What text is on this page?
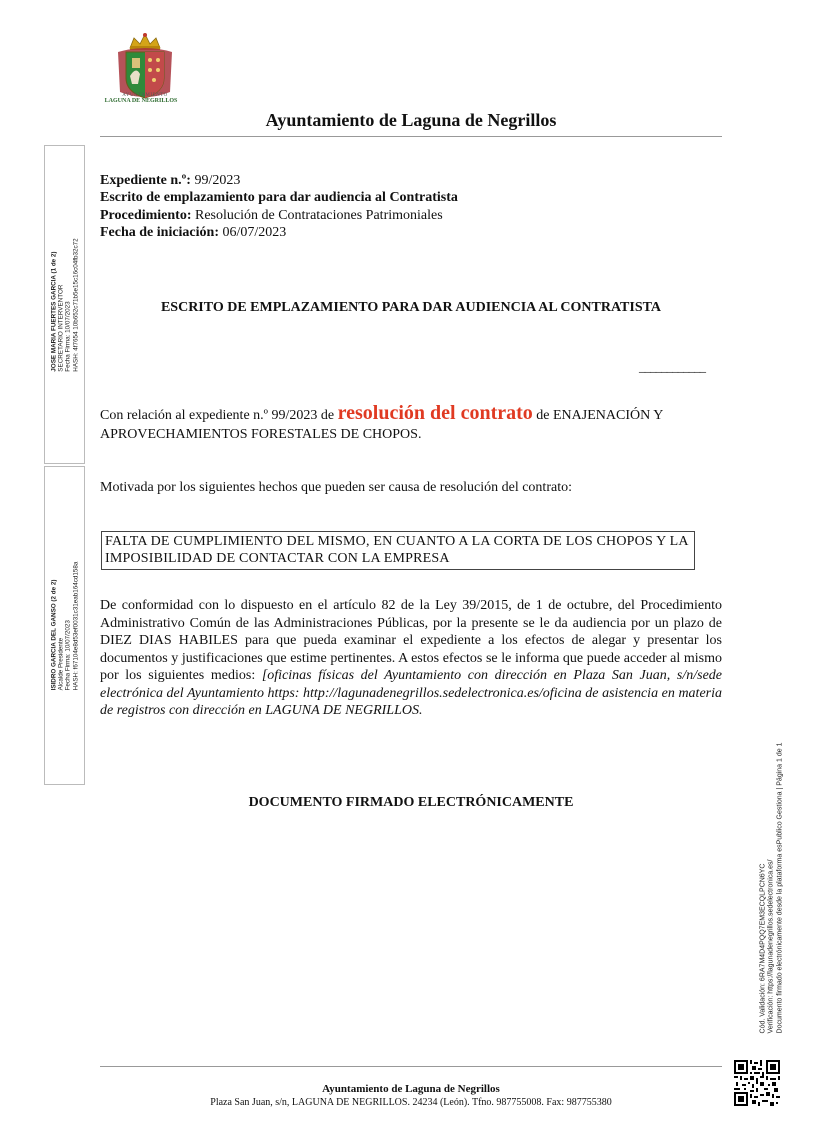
AYUNTAMIENTO
LAGUNA DE NEGRILLOS
Ayuntamiento de Laguna de Negrillos
JOSE MARIA FUERTES GARCIA (1 de 2) SECRETARIO INTERVENTOR Fecha Firma: 10/07/2023 HASH: 4f7654 10b652c71b5e15c16c04fb32c72
ISIDRO GARCIA DEL GANSO (2 de 2) Alcalde Presidente Fecha Firma: 10/07/2023 HASH: f67104e8d53ef0031c31eab164cd158a
Expediente n.º: 99/2023
Escrito de emplazamiento para dar audiencia al Contratista
Procedimiento: Resolución de Contrataciones Patrimoniales
Fecha de iniciación: 06/07/2023
ESCRITO DE EMPLAZAMIENTO PARA DAR AUDIENCIA AL CONTRATISTA
____________
Con relación al expediente n.º 99/2023 de resolución del contrato de ENAJENACIÓN Y APROVECHAMIENTOS FORESTALES DE CHOPOS.
Motivada por los siguientes hechos que pueden ser causa de resolución del contrato:
FALTA DE CUMPLIMIENTO DEL MISMO, EN CUANTO A LA CORTA DE LOS CHOPOS Y LA IMPOSIBILIDAD DE CONTACTAR CON LA EMPRESA
De conformidad con lo dispuesto en el artículo 82 de la Ley 39/2015, de 1 de octubre, del Procedimiento Administrativo Común de las Administraciones Públicas, por la presente se le da audiencia por un plazo de DIEZ DIAS HABILES para que pueda examinar el expediente a los efectos de alegar y presentar los documentos y justificaciones que estime pertinentes. A estos efectos se le informa que puede acceder al mismo por los siguientes medios: [oficinas físicas del Ayuntamiento con dirección en Plaza San Juan, s/n/sede electrónica del Ayuntamiento https: http://lagunadenegrillos.sedelectronica.es/oficina de asistencia en materia de registros con dirección en LAGUNA DE NEGRILLOS.
DOCUMENTO FIRMADO ELECTRÓNICAMENTE
Cód. Validación: 6RA7M4D4PQQ7EM3ECQLPCN6YC Verificación: https://lagunadenegrillos.sedelectronica.es/ Documento firmado electrónicamente desde la plataforma esPublico Gestiona | Página 1 de 1
Ayuntamiento de Laguna de Negrillos
Plaza San Juan, s/n, LAGUNA DE NEGRILLOS. 24234 (León). Tfno. 987755008. Fax: 987755380
